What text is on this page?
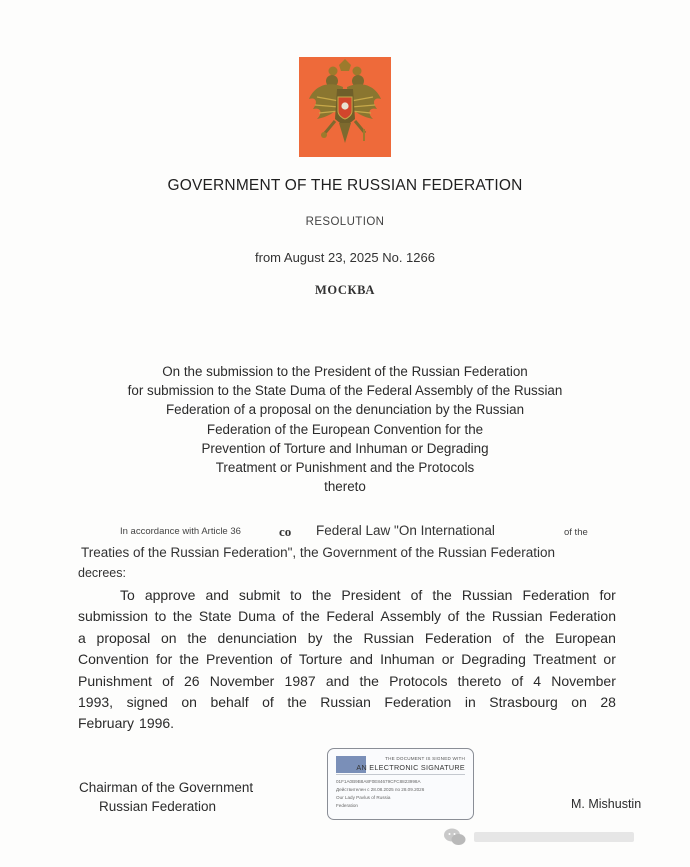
GOVERNMENT OF THE RUSSIAN FEDERATION
RESOLUTION
from August 23, 2025 No. 1266
МОСКВА
On the submission to the President of the Russian Federation
for submission to the State Duma of the Federal Assembly of the Russian
Federation of a proposal on the denunciation by the Russian
Federation of the European Convention for the
Prevention of Torture and Inhuman or Degrading
Treatment or Punishment and the Protocols
thereto
In accordance with Article 36	со Federal Law "On International	of the
Treaties of the Russian Federation", the Government of the Russian Federation
decrees:
To approve and submit to the President of the Russian Federation for
submission to the State Duma of the Federal Assembly of the Russian Federation
a proposal on the denunciation by the Russian Federation of the European
Convention for the Prevention of Torture and Inhuman or Degrading Treatment or
Punishment of 26 November 1987 and the Protocols thereto of 4 November
1993, signed on behalf of the Russian Federation in Strasbourg on 28
February 1996.
Chairman of the Government
Russian Federation
THE DOCUMENT IS SIGNED WITH
AN ELECTRONIC SIGNATURE
01F1A0B9B8A8F0E84679CFC8823998A
Действителен с 28.08.2025 по 28.09.2026
Our Lady Pavlus of Russia
Federation	M. Mishustin
